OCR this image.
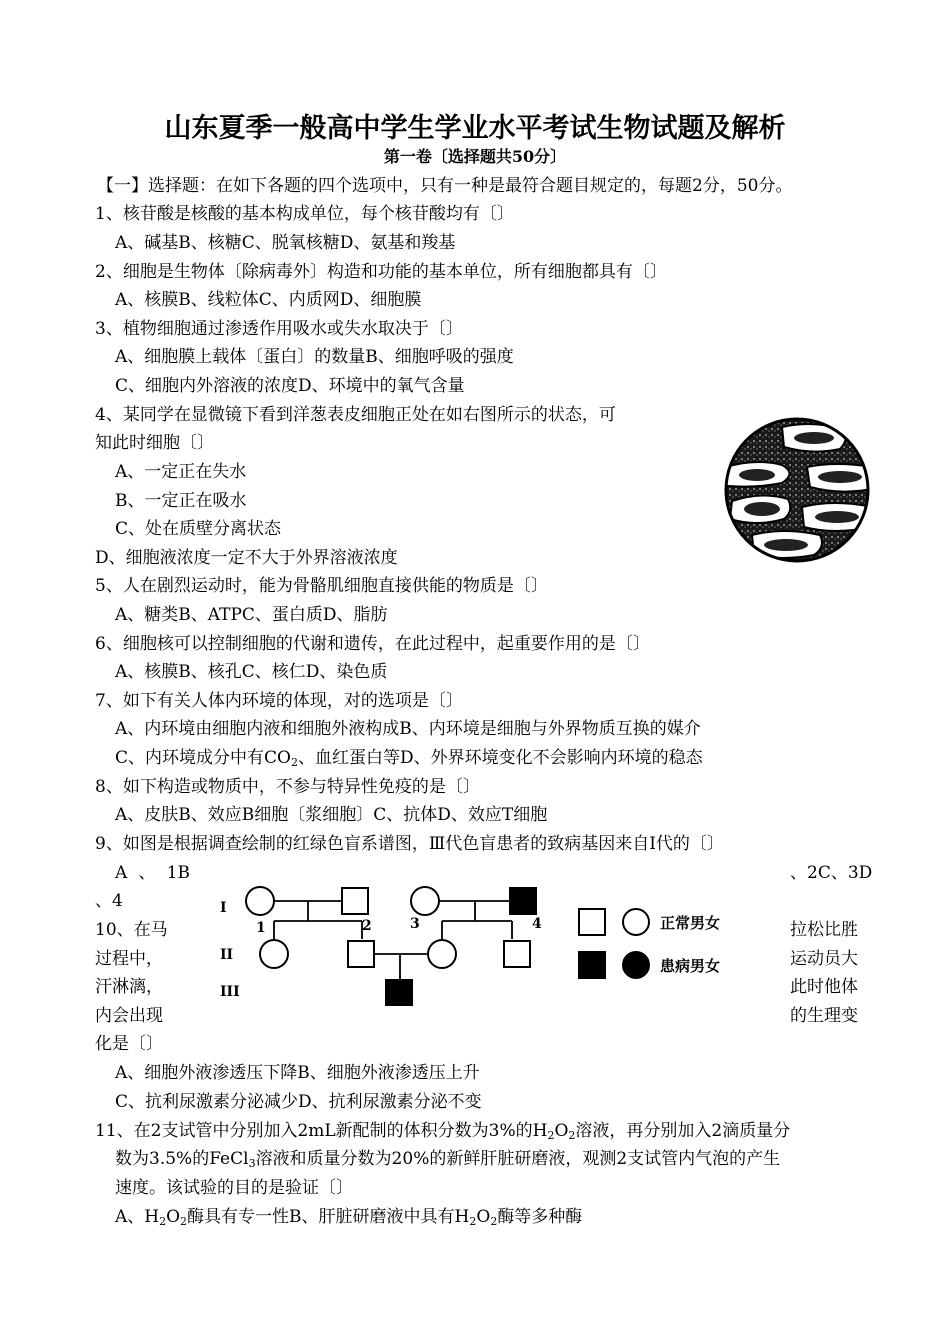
山东夏季一般高中学生学业水平考试生物试题及解析
第一卷〔选择题共50分〕
【一】选择题：在如下各题的四个选项中，只有一种是最符合题目规定的，每题2分，50分。
1、核苷酸是核酸的基本构成单位，每个核苷酸均有〔〕
A、碱基B、核糖C、脱氧核糖D、氨基和羧基
2、细胞是生物体〔除病毒外〕构造和功能的基本单位，所有细胞都具有〔〕
A、核膜B、线粒体C、内质网D、细胞膜
3、植物细胞通过渗透作用吸水或失水取决于〔〕
A、细胞膜上载体〔蛋白〕的数量B、细胞呼吸的强度
C、细胞内外溶液的浓度D、环境中的氧气含量
4、某同学在显微镜下看到洋葱表皮细胞正处在如右图所示的状态，可
知此时细胞〔〕
A、一定正在失水
B、一定正在吸水
C、处在质壁分离状态
D、细胞液浓度一定不大于外界溶液浓度
5、人在剧烈运动时，能为骨骼肌细胞直接供能的物质是〔〕
A、糖类B、ATPC、蛋白质D、脂肪
6、细胞核可以控制细胞的代谢和遗传，在此过程中，起重要作用的是〔〕
A、核膜B、核孔C、核仁D、染色质
7、如下有关人体内环境的体现，对的选项是〔〕
A、内环境由细胞内液和细胞外液构成B、内环境是细胞与外界物质互换的媒介
C、内环境成分中有$CO_2$、血红蛋白等D、外界环境变化不会影响内环境的稳态
8、如下构造或物质中，不参与特异性免疫的是〔〕
A、皮肤B、效应B细胞〔浆细胞〕C、抗体D、效应T细胞
9、如图是根据调查绘制的红绿色盲系谱图，Ⅲ代色盲患者的致病基因来自Ⅰ代的〔〕
A 、 1B	、2C、3D
、4
10、在马
过程中，
汗淋漓，
内会出现
化是〔〕
拉松比胜
运动员大
此时他体
的生理变
I
II
III
1	2	3	4	正常男女
患病男女
A、细胞外液渗透压下降B、细胞外液渗透压上升
C、抗利尿激素分泌减少D、抗利尿激素分泌不变
11、在2支试管中分别加入2mL新配制的体积分数为3%的$H_2O_2$溶液，再分别加入2滴质量分
数为3.5%的FeCl$_3$溶液和质量分数为20%的新鲜肝脏研磨液，观测2支试管内气泡的产生
速度。该试验的目的是验证〔〕
A、$H_2O_2$酶具有专一性B、肝脏研磨液中具有$H_2O_2$酶等多种酶
